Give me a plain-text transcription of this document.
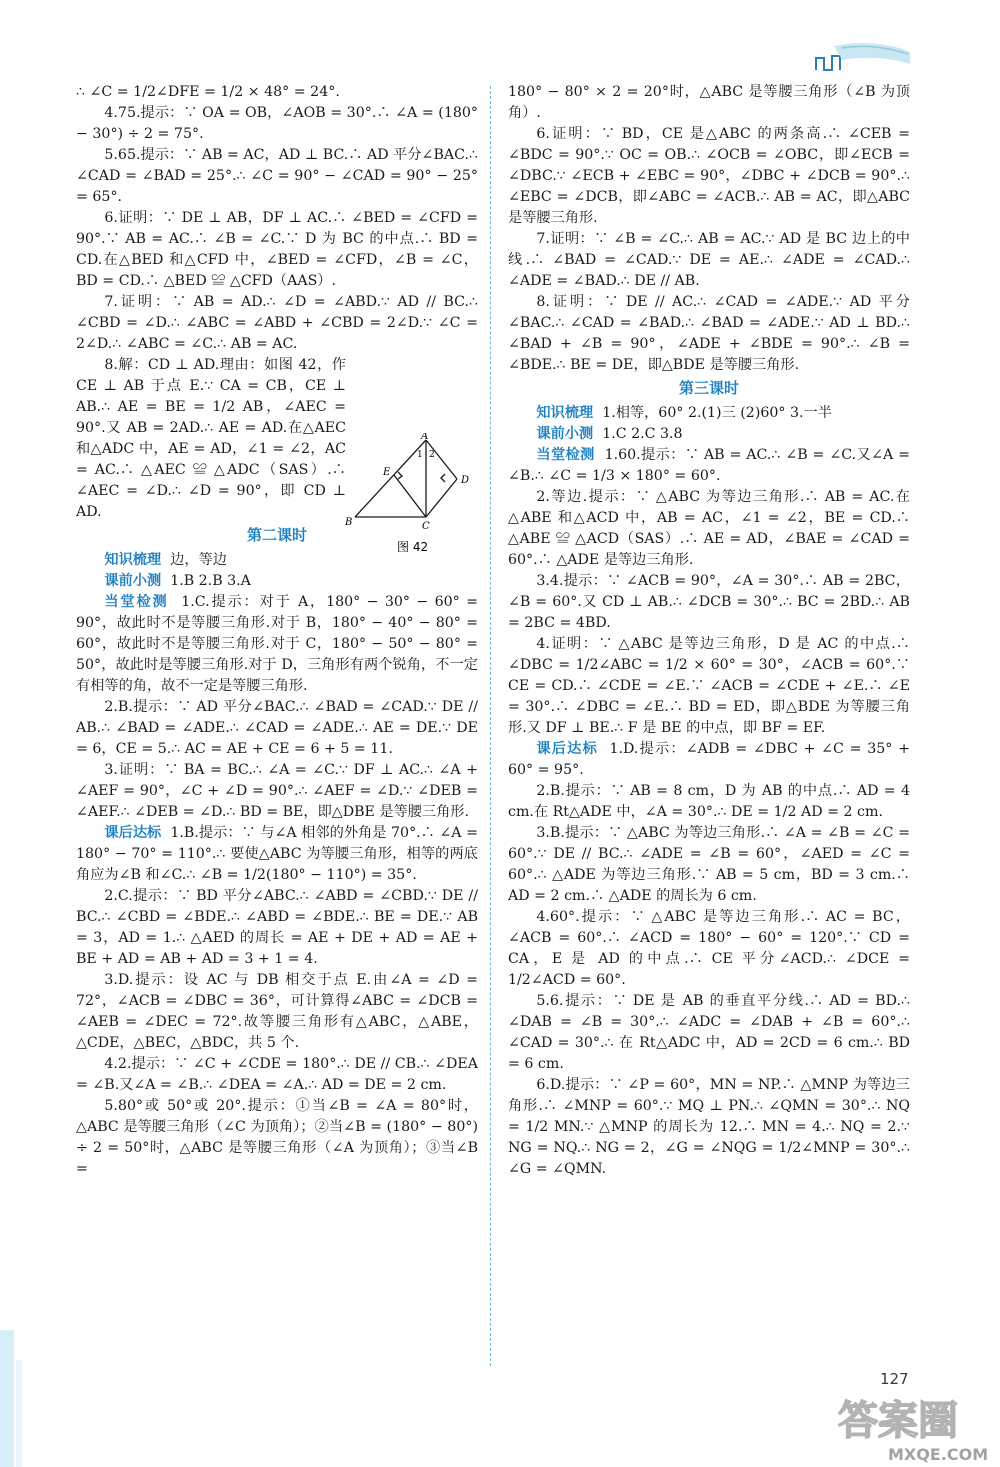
∴ ∠C = 1/2∠DFE = 1/2 × 48° = 24°.

4.75.提示：∵ OA = OB，∠AOB = 30°.∴ ∠A = (180° − 30°) ÷ 2 = 75°.

5.65.提示：∵ AB = AC，AD ⊥ BC.∴ AD 平分∠BAC.∴ ∠CAD = ∠BAD = 25°.∴ ∠C = 90° − ∠CAD = 90° − 25° = 65°.

6.证明：∵ DE ⊥ AB，DF ⊥ AC.∴ ∠BED = ∠CFD = 90°.∵ AB = AC.∴ ∠B = ∠C.∵ D 为 BC 的中点.∴ BD = CD.在△BED 和△CFD 中，∠BED = ∠CFD，∠B = ∠C，BD = CD.∴ △BED ≌ △CFD（AAS）.

7.证明：∵ AB = AD.∴ ∠D = ∠ABD.∵ AD // BC.∴ ∠CBD = ∠D.∴ ∠ABC = ∠ABD + ∠CBD = 2∠D.∵ ∠C = 2∠D.∴ ∠ABC = ∠C.∴ AB = AC.

8.解：CD ⊥ AD.理由：如图 42，作 CE ⊥ AB 于点 E.∵ CA = CB，CE ⊥ AB.∴ AE = BE = 1/2 AB，∠AEC = 90°.又 AB = 2AD.∴ AE = AD.在△AEC 和△ADC 中，AE = AD，∠1 = ∠2，AC = AC.∴ △AEC ≌ △ADC（SAS）.∴ ∠AEC = ∠D.∴ ∠D = 90°，即 CD ⊥ AD.

第二课时

知识梳理 边，等边

课前小测 1.B 2.B 3.A

当堂检测 1.C.提示：对于 A，180° − 30° − 60° = 90°，故此时不是等腰三角形.对于 B，180° − 40° − 80° = 60°，故此时不是等腰三角形.对于 C，180° − 50° − 80° = 50°，故此时是等腰三角形.对于 D，三角形有两个锐角，不一定有相等的角，故不一定是等腰三角形.

2.B.提示：∵ AD 平分∠BAC.∴ ∠BAD = ∠CAD.∵ DE // AB.∴ ∠BAD = ∠ADE.∴ ∠CAD = ∠ADE.∴ AE = DE.∵ DE = 6，CE = 5.∴ AC = AE + CE = 6 + 5 = 11.

3.证明：∵ BA = BC.∴ ∠A = ∠C.∵ DF ⊥ AC.∴ ∠A + ∠AEF = 90°，∠C + ∠D = 90°.∴ ∠AEF = ∠D.∵ ∠DEB = ∠AEF.∴ ∠DEB = ∠D.∴ BD = BE，即△DBE 是等腰三角形.

课后达标 1.B.提示：∵ 与∠A 相邻的外角是 70°.∴ ∠A = 180° − 70° = 110°.∴ 要使△ABC 为等腰三角形，相等的两底角应为∠B 和∠C.∴ ∠B = 1/2(180° − 110°) = 35°.

2.C.提示：∵ BD 平分∠ABC.∴ ∠ABD = ∠CBD.∵ DE // BC.∴ ∠CBD = ∠BDE.∴ ∠ABD = ∠BDE.∴ BE = DE.∵ AB = 3，AD = 1.∴ △AED 的周长 = AE + DE + AD = AE + BE + AD = AB + AD = 3 + 1 = 4.

3.D.提示：设 AC 与 DB 相交于点 E.由∠A = ∠D = 72°，∠ACB = ∠DBC = 36°，可计算得∠ABC = ∠DCB = ∠AEB = ∠DEC = 72°.故等腰三角形有△ABC，△ABE，△CDE，△BEC，△BDC，共 5 个.

4.2.提示：∵ ∠C + ∠CDE = 180°.∴ DE // CB.∴ ∠DEA = ∠B.又∠A = ∠B.∴ ∠DEA = ∠A.∴ AD = DE = 2 cm.

5.80°或 50°或 20°.提示：①当∠B = ∠A = 80°时，△ABC 是等腰三角形（∠C 为顶角）；②当∠B = (180° − 80°) ÷ 2 = 50°时，△ABC 是等腰三角形（∠A 为顶角）；③当∠B =

A
B	C
D
E
1 2
图 42

180° − 80° × 2 = 20°时，△ABC 是等腰三角形（∠B 为顶角）.

6.证明：∵ BD，CE 是△ABC 的两条高.∴ ∠CEB = ∠BDC = 90°.∵ OC = OB.∴ ∠OCB = ∠OBC，即∠ECB = ∠DBC.∵ ∠ECB + ∠EBC = 90°，∠DBC + ∠DCB = 90°.∴ ∠EBC = ∠DCB，即∠ABC = ∠ACB.∴ AB = AC，即△ABC 是等腰三角形.

7.证明：∵ ∠B = ∠C.∴ AB = AC.∵ AD 是 BC 边上的中线.∴ ∠BAD = ∠CAD.∵ DE = AE.∴ ∠ADE = ∠CAD.∴ ∠ADE = ∠BAD.∴ DE // AB.

8.证明：∵ DE // AC.∴ ∠CAD = ∠ADE.∵ AD 平分∠BAC.∴ ∠CAD = ∠BAD.∴ ∠BAD = ∠ADE.∵ AD ⊥ BD.∴ ∠BAD + ∠B = 90°，∠ADE + ∠BDE = 90°.∴ ∠B = ∠BDE.∴ BE = DE，即△BDE 是等腰三角形.

第三课时

知识梳理 1.相等，60° 2.(1)三 (2)60° 3.一半

课前小测 1.C 2.C 3.8

当堂检测 1.60.提示：∵ AB = AC.∴ ∠B = ∠C.又∠A = ∠B.∴ ∠C = 1/3 × 180° = 60°.

2.等边.提示：∵ △ABC 为等边三角形.∴ AB = AC.在△ABE 和△ACD 中，AB = AC，∠1 = ∠2，BE = CD.∴ △ABE ≌ △ACD（SAS）.∴ AE = AD，∠BAE = ∠CAD = 60°.∴ △ADE 是等边三角形.

3.4.提示：∵ ∠ACB = 90°，∠A = 30°.∴ AB = 2BC，∠B = 60°.又 CD ⊥ AB.∴ ∠DCB = 30°.∴ BC = 2BD.∴ AB = 2BC = 4BD.

4.证明：∵ △ABC 是等边三角形，D 是 AC 的中点.∴ ∠DBC = 1/2∠ABC = 1/2 × 60° = 30°，∠ACB = 60°.∵ CE = CD.∴ ∠CDE = ∠E.∵ ∠ACB = ∠CDE + ∠E.∴ ∠E = 30°.∴ ∠DBC = ∠E.∴ BD = ED，即△BDE 为等腰三角形.又 DF ⊥ BE.∴ F 是 BE 的中点，即 BF = EF.

课后达标 1.D.提示：∠ADB = ∠DBC + ∠C = 35° + 60° = 95°.

2.B.提示：∵ AB = 8 cm，D 为 AB 的中点.∴ AD = 4 cm.在 Rt△ADE 中，∠A = 30°.∴ DE = 1/2 AD = 2 cm.

3.B.提示：∵ △ABC 为等边三角形.∴ ∠A = ∠B = ∠C = 60°.∵ DE // BC.∴ ∠ADE = ∠B = 60°，∠AED = ∠C = 60°.∴ △ADE 为等边三角形.∵ AB = 5 cm，BD = 3 cm.∴ AD = 2 cm.∴ △ADE 的周长为 6 cm.

4.60°.提示：∵ △ABC 是等边三角形.∴ AC = BC，∠ACB = 60°.∴ ∠ACD = 180° − 60° = 120°.∵ CD = CA，E 是 AD 的中点.∴ CE 平分∠ACD.∴ ∠DCE = 1/2∠ACD = 60°.

5.6.提示：∵ DE 是 AB 的垂直平分线.∴ AD = BD.∴ ∠DAB = ∠B = 30°.∴ ∠ADC = ∠DAB + ∠B = 60°.∴ ∠CAD = 30°.∴ 在 Rt△ADC 中，AD = 2CD = 6 cm.∴ BD = 6 cm.

6.D.提示：∵ ∠P = 60°，MN = NP.∴ △MNP 为等边三角形.∴ ∠MNP = 60°.∵ MQ ⊥ PN.∴ ∠QMN = 30°.∴ NQ = 1/2 MN.∵ △MNP 的周长为 12.∴ MN = 4.∴ NQ = 2.∵ NG = NQ.∴ NG = 2，∠G = ∠NQG = 1/2∠MNP = 30°.∴ ∠G = ∠QMN.

127
答案圈
MXQE.COM
